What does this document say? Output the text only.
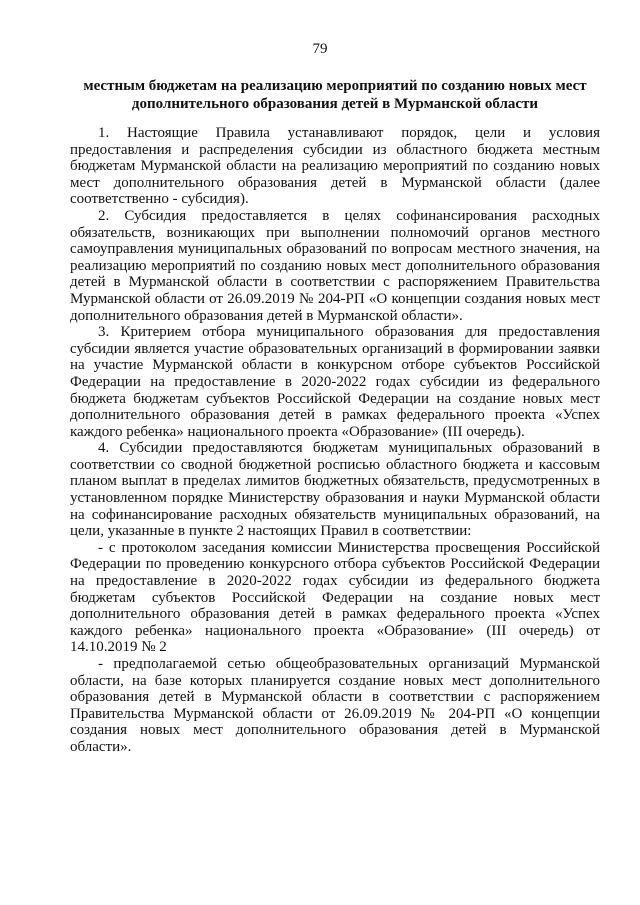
79
местным бюджетам на реализацию мероприятий по созданию новых мест
дополнительного образования детей в Мурманской области

1. Настоящие Правила устанавливают порядок, цели и условия предоставления и распределения субсидии из областного бюджета местным бюджетам Мурманской области на реализацию мероприятий по созданию новых мест дополнительного образования детей в Мурманской области (далее соответственно - субсидия).

2. Субсидия предоставляется в целях софинансирования расходных обязательств, возникающих при выполнении полномочий органов местного самоуправления муниципальных образований по вопросам местного значения, на реализацию мероприятий по созданию новых мест дополнительного образования детей в Мурманской области в соответствии с распоряжением Правительства Мурманской области от 26.09.2019 № 204-РП «О концепции создания новых мест дополнительного образования детей в Мурманской области».

3. Критерием отбора муниципального образования для предоставления субсидии является участие образовательных организаций в формировании заявки на участие Мурманской области в конкурсном отборе субъектов Российской Федерации на предоставление в 2020-2022 годах субсидии из федерального бюджета бюджетам субъектов Российской Федерации на создание новых мест дополнительного образования детей в рамках федерального проекта «Успех каждого ребенка» национального проекта «Образование» (III очередь).

4. Субсидии предоставляются бюджетам муниципальных образований в соответствии со сводной бюджетной росписью областного бюджета и кассовым планом выплат в пределах лимитов бюджетных обязательств, предусмотренных в установленном порядке Министерству образования и науки Мурманской области на софинансирование расходных обязательств муниципальных образований, на цели, указанные в пункте 2 настоящих Правил в соответствии:

- с протоколом заседания комиссии Министерства просвещения Российской Федерации по проведению конкурсного отбора субъектов Российской Федерации на предоставление в 2020-2022 годах субсидии из федерального бюджета бюджетам субъектов Российской Федерации на создание новых мест дополнительного образования детей в рамках федерального проекта «Успех каждого ребенка» национального проекта «Образование» (III очередь) от 14.10.2019 № 2

- предполагаемой сетью общеобразовательных организаций Мурманской области, на базе которых планируется создание новых мест дополнительного образования детей в Мурманской области в соответствии с распоряжением Правительства Мурманской области от 26.09.2019 № 204-РП «О концепции создания новых мест дополнительного образования детей в Мурманской области».
